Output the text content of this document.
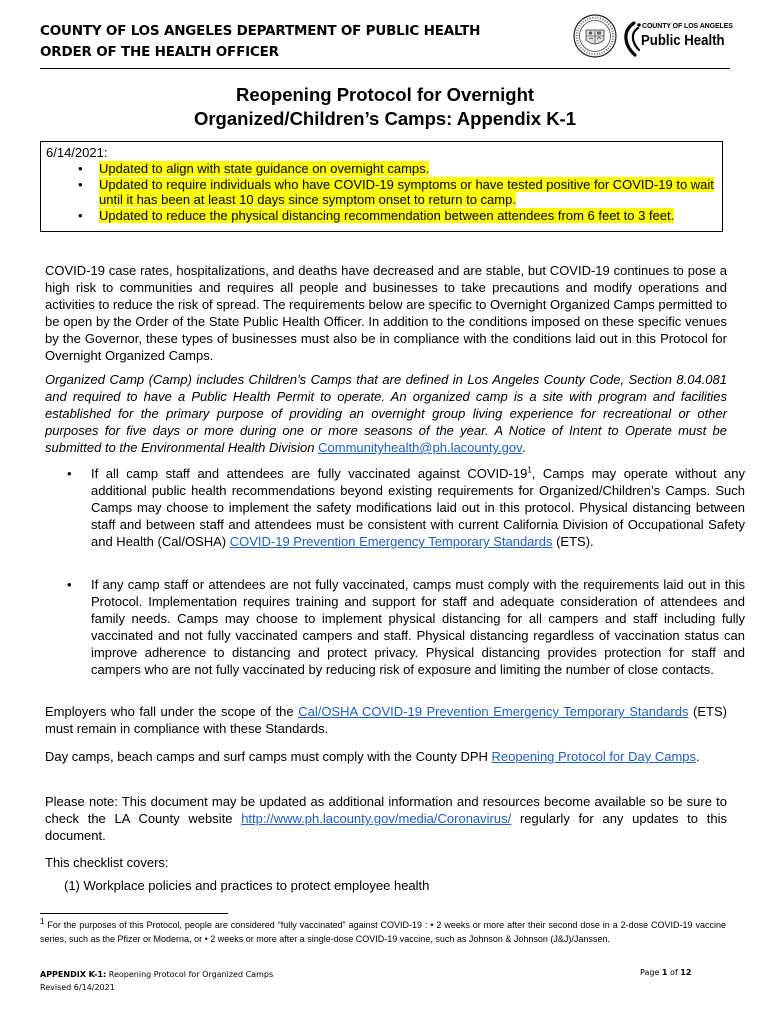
COUNTY OF LOS ANGELES DEPARTMENT OF PUBLIC HEALTH
ORDER OF THE HEALTH OFFICER
COUNTY OF LOS ANGELES
Public Health
Reopening Protocol for Overnight
Organized/Children’s Camps: Appendix K-1
6/14/2021:
• Updated to align with state guidance on overnight camps.
• Updated to require individuals who have COVID-19 symptoms or have tested positive for COVID-19 to wait until it has been at least 10 days since symptom onset to return to camp.
• Updated to reduce the physical distancing recommendation between attendees from 6 feet to 3 feet.

COVID-19 case rates, hospitalizations, and deaths have decreased and are stable, but COVID-19 continues to pose a high risk to communities and requires all people and businesses to take precautions and modify operations and activities to reduce the risk of spread. The requirements below are specific to Overnight Organized Camps permitted to be open by the Order of the State Public Health Officer. In addition to the conditions imposed on these specific venues by the Governor, these types of businesses must also be in compliance with the conditions laid out in this Protocol for Overnight Organized Camps.

Organized Camp (Camp) includes Children’s Camps that are defined in Los Angeles County Code, Section 8.04.081 and required to have a Public Health Permit to operate. An organized camp is a site with program and facilities established for the primary purpose of providing an overnight group living experience for recreational or other purposes for five days or more during one or more seasons of the year. A Notice of Intent to Operate must be submitted to the Environmental Health Division Communityhealth@ph.lacounty.gov.

• If all camp staff and attendees are fully vaccinated against COVID-$19^1$, Camps may operate without any additional public health recommendations beyond existing requirements for Organized/Children’s Camps. Such Camps may choose to implement the safety modifications laid out in this protocol. Physical distancing between staff and between staff and attendees must be consistent with current California Division of Occupational Safety and Health (Cal/OSHA) COVID-19 Prevention Emergency Temporary Standards (ETS).
• If any camp staff or attendees are not fully vaccinated, camps must comply with the requirements laid out in this Protocol. Implementation requires training and support for staff and adequate consideration of attendees and family needs. Camps may choose to implement physical distancing for all campers and staff including fully vaccinated and not fully vaccinated campers and staff. Physical distancing regardless of vaccination status can improve adherence to distancing and protect privacy. Physical distancing provides protection for staff and campers who are not fully vaccinated by reducing risk of exposure and limiting the number of close contacts.

Employers who fall under the scope of the Cal/OSHA COVID-19 Prevention Emergency Temporary Standards (ETS) must remain in compliance with these Standards.

Day camps, beach camps and surf camps must comply with the County DPH Reopening Protocol for Day Camps.

Please note: This document may be updated as additional information and resources become available so be sure to check the LA County website http://www.ph.lacounty.gov/media/Coronavirus/ regularly for any updates to this document.

This checklist covers:

(1) Workplace policies and practices to protect employee health

$^1$ For the purposes of this Protocol, people are considered “fully vaccinated” against COVID-19 : • 2 weeks or more after their second dose in a 2-dose COVID-19 vaccine series, such as the Pfizer or Moderna, or • 2 weeks or more after a single-dose COVID-19 vaccine, such as Johnson & Johnson (J&J)/Janssen.
APPENDIX K-1: Reopening Protocol for Organized Camps
Revised 6/14/2021
Page 1 of 12
